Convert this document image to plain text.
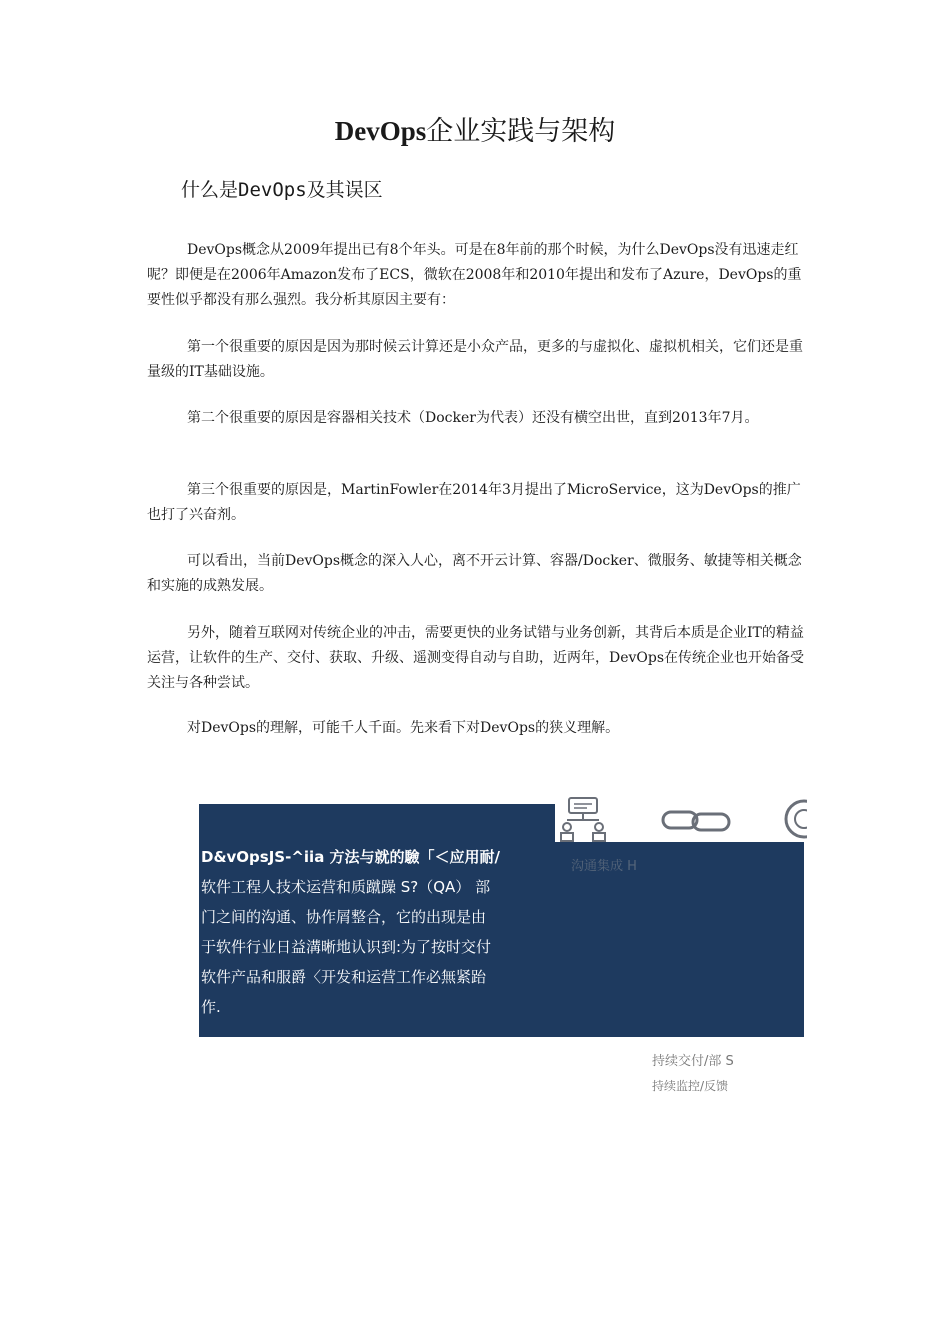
DevOps企业实践与架构
什么是DevOps及其误区

DevOps概念从2009年提出已有8个年头。可是在8年前的那个时候，为什么DevOps没有迅速走红呢？即便是在2006年Amazon发布了ECS，微软在2008年和2010年提出和发布了Azure，DevOps的重要性似乎都没有那么强烈。我分析其原因主要有：

第一个很重要的原因是因为那时候云计算还是小众产品，更多的与虚拟化、虚拟机相关，它们还是重量级的IT基础设施。

第二个很重要的原因是容器相关技术（Docker为代表）还没有横空出世，直到2013年7月。

第三个很重要的原因是，MartinFowler在2014年3月提出了MicroService，这为DevOps的推广也打了兴奋剂。

可以看出，当前DevOps概念的深入人心，离不开云计算、容器/Docker、微服务、敏捷等相关概念和实施的成熟发展。

另外，随着互联网对传统企业的冲击，需要更快的业务试错与业务创新，其背后本质是企业IT的精益运营，让软件的生产、交付、获取、升级、遥测变得自动与自助，近两年，DevOps在传统企业也开始备受关注与各种尝试。

对DevOps的理解，可能千人千面。先来看下对DevOps的狭义理解。

沟通集成 H
D&vOpsJS-^iia 方法与就的驗「＜应用耐/
软件工程人技术运营和质蹴躁 S?（QA） 部
门之间的沟通、协作屑整合，它的出现是由
于软件行业日益溝晰地认识到:为了按时交付
软件产品和服爵〈开发和运营工作必無紧跆
作.
持续交付/部 S
持续监控/反馈
